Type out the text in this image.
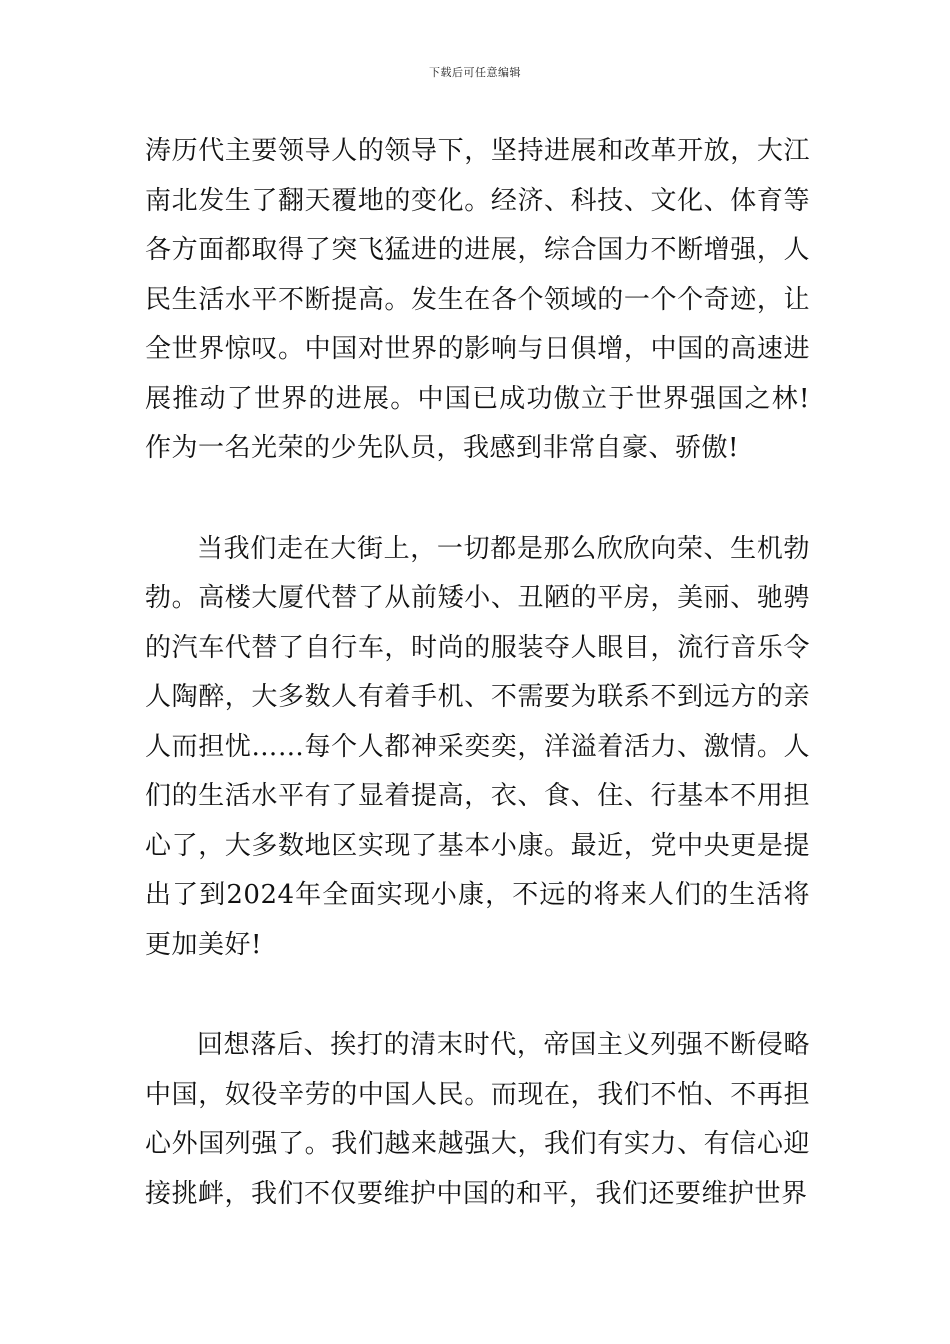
下载后可任意编辑

涛历代主要领导人的领导下，坚持进展和改革开放，大江南北发生了翻天覆地的变化。经济、科技、文化、体育等各方面都取得了突飞猛进的进展，综合国力不断增强，人民生活水平不断提高。发生在各个领域的一个个奇迹，让全世界惊叹。中国对世界的影响与日俱增，中国的高速进展推动了世界的进展。中国已成功傲立于世界强国之林!作为一名光荣的少先队员，我感到非常自豪、骄傲!

当我们走在大街上，一切都是那么欣欣向荣、生机勃勃。高楼大厦代替了从前矮小、丑陋的平房，美丽、驰骋的汽车代替了自行车，时尚的服装夺人眼目，流行音乐令人陶醉，大多数人有着手机、不需要为联系不到远方的亲人而担忧……每个人都神采奕奕，洋溢着活力、激情。人们的生活水平有了显着提高，衣、食、住、行基本不用担心了，大多数地区实现了基本小康。最近，党中央更是提出了到2024年全面实现小康，不远的将来人们的生活将更加美好!

回想落后、挨打的清末时代，帝国主义列强不断侵略中国，奴役辛劳的中国人民。而现在，我们不怕、不再担心外国列强了。我们越来越强大，我们有实力、有信心迎接挑衅，我们不仅要维护中国的和平，我们还要维护世界
